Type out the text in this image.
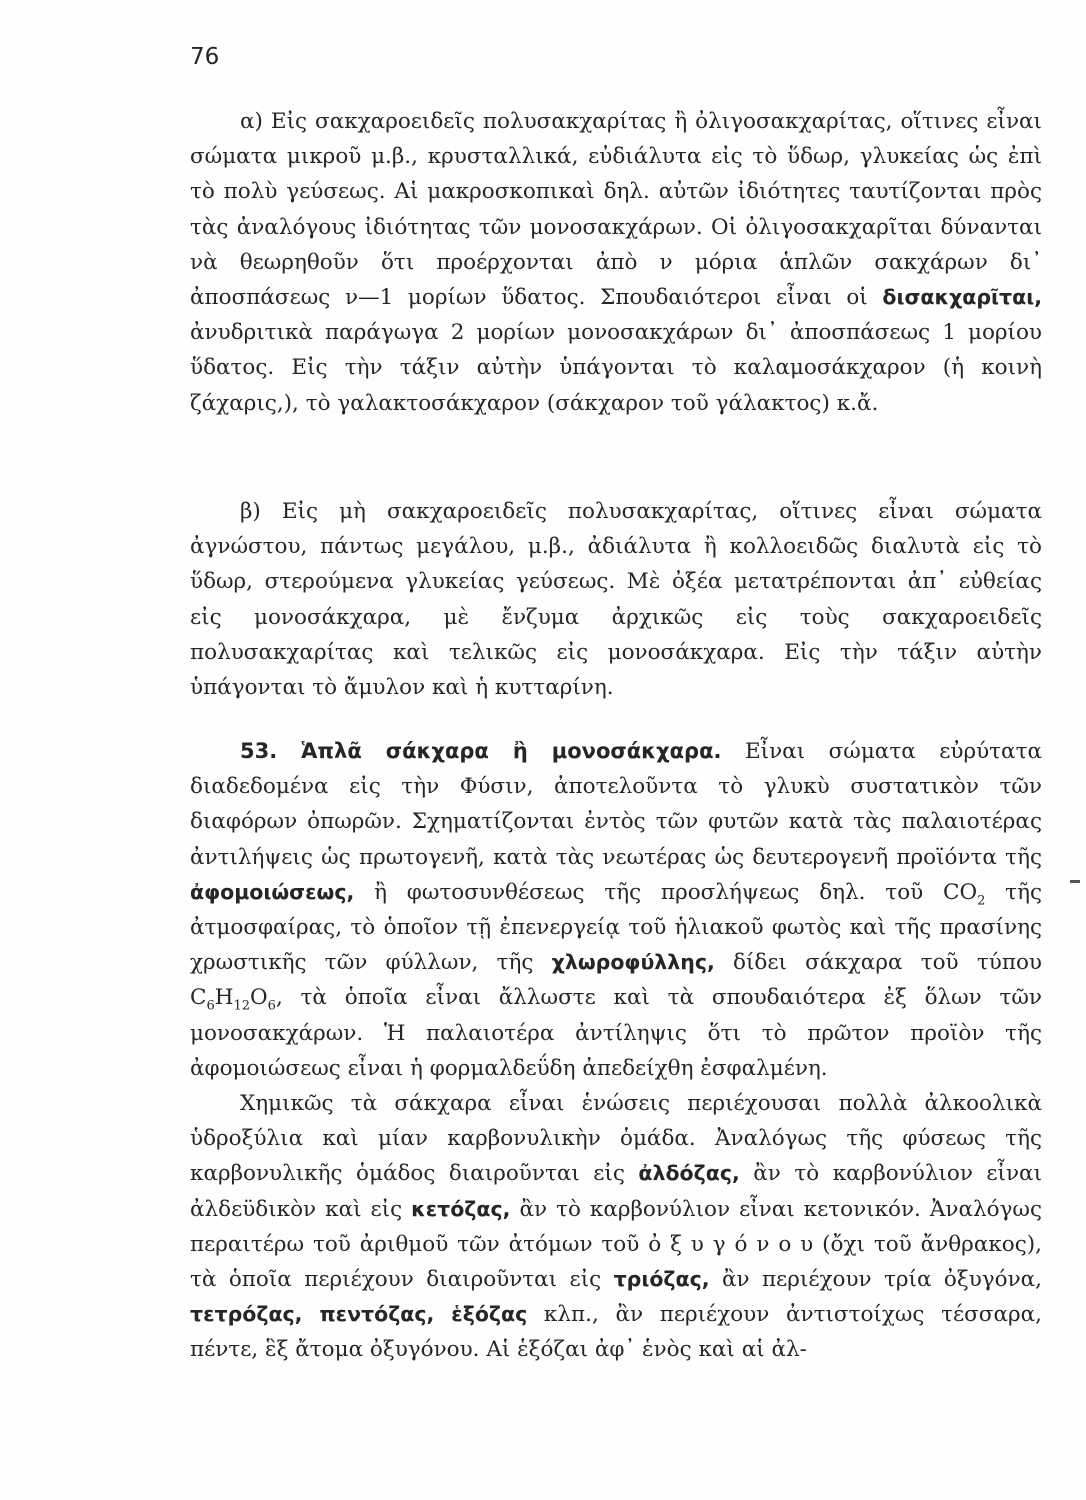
76

α) Εἰς σακχαροειδεῖς πολυσακχαρίτας ἢ ὀλιγοσακχαρίτας, οἵτινες εἶναι σώματα μικροῦ μ.β., κρυσταλλικά, εὐδιάλυτα εἰς τὸ ὕδωρ, γλυκείας ὡς ἐπὶ τὸ πολὺ γεύσεως. Αἱ μακροσκοπικαὶ δηλ. αὐτῶν ἰδιότητες ταυτίζονται πρὸς τὰς ἀναλόγους ἰδιότητας τῶν μονοσακχάρων. Οἱ ὀλιγοσακχαρῖται δύνανται νὰ θεωρηθοῦν ὅτι προέρχονται ἀπὸ ν μόρια ἁπλῶν σακχάρων δι᾿ ἀποσπάσεως ν—1 μορίων ὕδατος. Σπουδαιότεροι εἶναι οἱ δισακχαρῖται, ἀνυδριτικὰ παράγωγα 2 μορίων μονοσακχάρων δι᾿ ἀποσπάσεως 1 μορίου ὕδατος. Εἰς τὴν τάξιν αὐτὴν ὑπάγονται τὸ καλαμοσάκχαρον (ἡ κοινὴ ζάχαρις,), τὸ γαλακτοσάκχαρον (σάκχαρον τοῦ γάλακτος) κ.ἄ.

β) Εἰς μὴ σακχαροειδεῖς πολυσακχαρίτας, οἵτινες εἶναι σώματα ἀγνώστου, πάντως μεγάλου, μ.β., ἀδιάλυτα ἢ κολλοειδῶς διαλυτὰ εἰς τὸ ὕδωρ, στερούμενα γλυκείας γεύσεως. Μὲ ὀξέα μετατρέπονται ἀπ᾿ εὐθείας εἰς μονοσάκχαρα, μὲ ἔνζυμα ἀρχικῶς εἰς τοὺς σακχαροειδεῖς πολυσακχαρίτας καὶ τελικῶς εἰς μονοσάκχαρα. Εἰς τὴν τάξιν αὐτὴν ὑπάγονται τὸ ἄμυλον καὶ ἡ κυτταρίνη.

53. Ἁπλᾶ σάκχαρα ἢ μονοσάκχαρα. Εἶναι σώματα εὐρύτατα διαδεδομένα εἰς τὴν Φύσιν, ἀποτελοῦντα τὸ γλυκὺ συστατικὸν τῶν διαφόρων ὀπωρῶν. Σχηματίζονται ἐντὸς τῶν φυτῶν κατὰ τὰς παλαιοτέρας ἀντιλήψεις ὡς πρωτογενῆ, κατὰ τὰς νεωτέρας ὡς δευτερογενῆ προϊόντα τῆς ἀφομοιώσεως, ἢ φωτοσυνθέσεως τῆς προσλήψεως δηλ. τοῦ $CO_2$ τῆς ἀτμοσφαίρας, τὸ ὁποῖον τῇ ἐπενεργείᾳ τοῦ ἡλιακοῦ φωτὸς καὶ τῆς πρασίνης χρωστικῆς τῶν φύλλων, τῆς χλωροφύλλης, δίδει σάκχαρα τοῦ τύπου $C_6H_{12}O_6$, τὰ ὁποῖα εἶναι ἄλλωστε καὶ τὰ σπουδαιότερα ἐξ ὅλων τῶν μονοσακχάρων. Ἡ παλαιοτέρα ἀντίληψις ὅτι τὸ πρῶτον προϊὸν τῆς ἀφομοιώσεως εἶναι ἡ φορμαλδεΰδη ἀπεδείχθη ἐσφαλμένη.

Χημικῶς τὰ σάκχαρα εἶναι ἑνώσεις περιέχουσαι πολλὰ ἀλκοολικὰ ὑδροξύλια καὶ μίαν καρβονυλικὴν ὁμάδα. Ἀναλόγως τῆς φύσεως τῆς καρβονυλικῆς ὁμάδος διαιροῦνται εἰς ἀλδόζας, ἂν τὸ καρβονύλιον εἶναι ἀλδεϋδικὸν καὶ εἰς κετόζας, ἂν τὸ καρβονύλιον εἶναι κετονικόν. Ἀναλόγως περαιτέρω τοῦ ἀριθμοῦ τῶν ἀτόμων τοῦ ὀ ξ υ γ ό ν ο υ (ὄχι τοῦ ἄνθρακος), τὰ ὁποῖα περιέχουν διαιροῦνται εἰς τριόζας, ἂν περιέχουν τρία ὀξυγόνα, τετρόζας, πεντόζας, ἑξόζας κλπ., ἂν περιέχουν ἀντιστοίχως τέσσαρα, πέντε, ἓξ ἄτομα ὀξυγόνου. Αἱ ἑξόζαι ἀφ᾿ ἑνὸς καὶ αἱ ἀλ-
